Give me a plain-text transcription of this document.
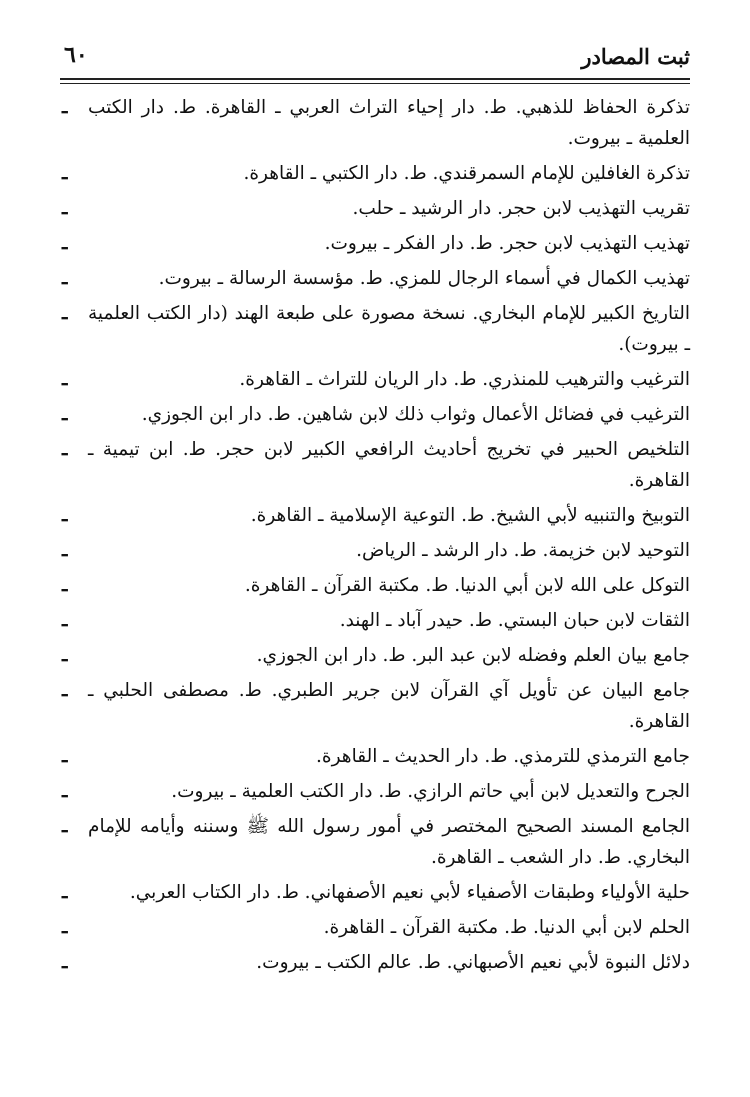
ثبت المصادر
٦٠
تذكرة الحفاظ للذهبي. ط. دار إحياء التراث العربي ـ القاهرة. ط. دار الكتب العلمية ـ بيروت.
ـ
تذكرة الغافلين للإمام السمرقندي. ط. دار الكتبي ـ القاهرة.
ـ
تقريب التهذيب لابن حجر. دار الرشيد ـ حلب.
ـ
تهذيب التهذيب لابن حجر. ط. دار الفكر ـ بيروت.
ـ
تهذيب الكمال في أسماء الرجال للمزي. ط. مؤسسة الرسالة ـ بيروت.
ـ
التاريخ الكبير للإمام البخاري. نسخة مصورة على طبعة الهند (دار الكتب العلمية ـ بيروت).
ـ
الترغيب والترهيب للمنذري. ط. دار الريان للتراث ـ القاهرة.
ـ
الترغيب في فضائل الأعمال وثواب ذلك لابن شاهين. ط. دار ابن الجوزي.
ـ
التلخيص الحبير في تخريج أحاديث الرافعي الكبير لابن حجر. ط. ابن تيمية ـ القاهرة.
ـ
التوبيخ والتنبيه لأبي الشيخ. ط. التوعية الإسلامية ـ القاهرة.
ـ
التوحيد لابن خزيمة. ط. دار الرشد ـ الرياض.
ـ
التوكل على الله لابن أبي الدنيا. ط. مكتبة القرآن ـ القاهرة.
ـ
الثقات لابن حبان البستي. ط. حيدر آباد ـ الهند.
ـ
جامع بيان العلم وفضله لابن عبد البر. ط. دار ابن الجوزي.
ـ
جامع البيان عن تأويل آي القرآن لابن جرير الطبري. ط. مصطفى الحلبي ـ القاهرة.
ـ
جامع الترمذي للترمذي. ط. دار الحديث ـ القاهرة.
ـ
الجرح والتعديل لابن أبي حاتم الرازي. ط. دار الكتب العلمية ـ بيروت.
ـ
الجامع المسند الصحيح المختصر في أمور رسول الله ﷺ وسننه وأيامه للإمام البخاري. ط. دار الشعب ـ القاهرة.
ـ
حلية الأولياء وطبقات الأصفياء لأبي نعيم الأصفهاني. ط. دار الكتاب العربي.
ـ
الحلم لابن أبي الدنيا. ط. مكتبة القرآن ـ القاهرة.
ـ
دلائل النبوة لأبي نعيم الأصبهاني. ط. عالم الكتب ـ بيروت.
ـ
